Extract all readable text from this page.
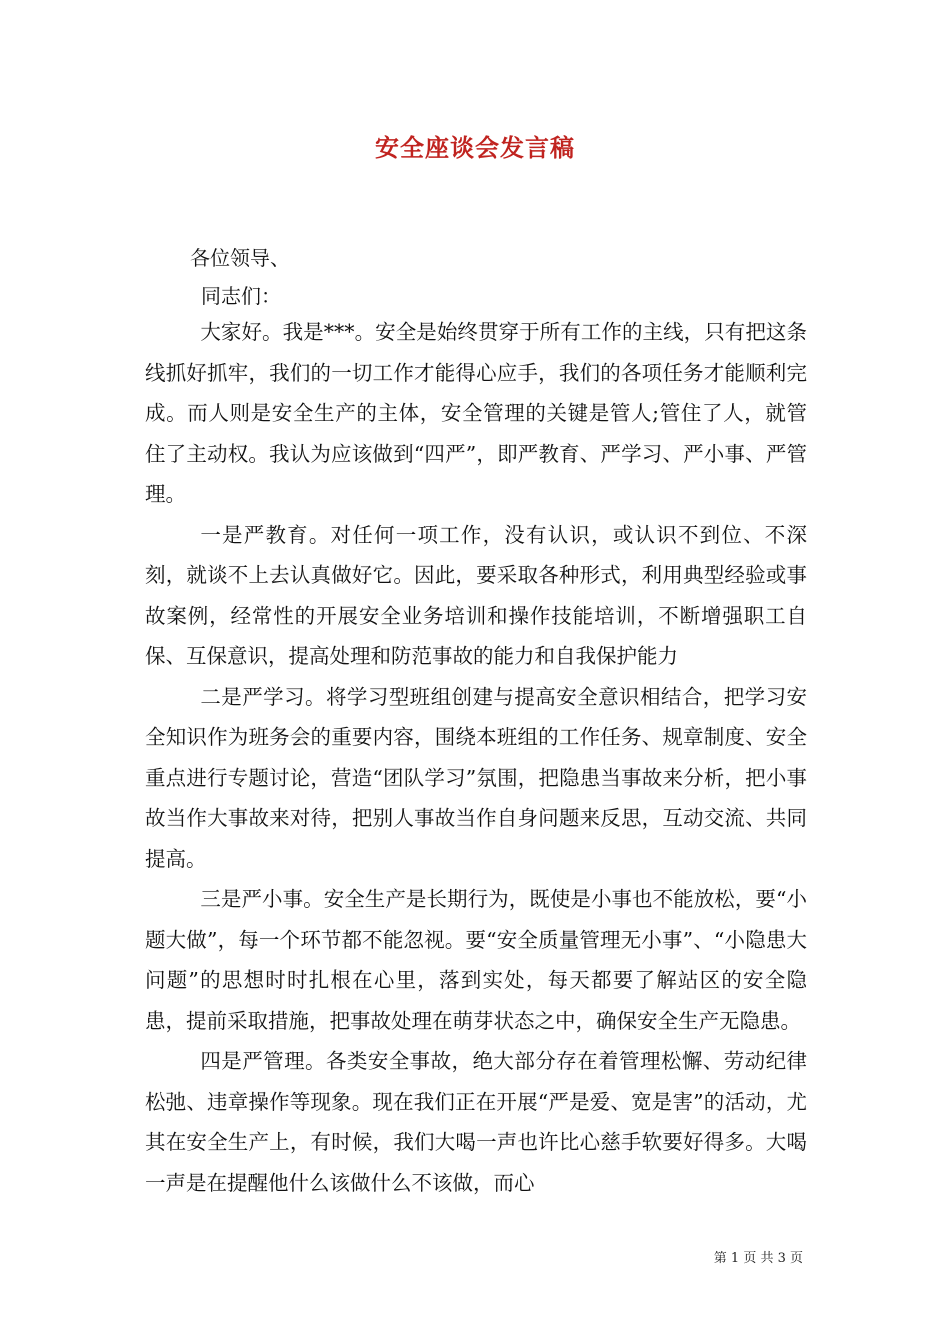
安全座谈会发言稿
各位领导、
同志们：

大家好。我是***。安全是始终贯穿于所有工作的主线，只有把这条线抓好抓牢，我们的一切工作才能得心应手，我们的各项任务才能顺利完成。而人则是安全生产的主体，安全管理的关键是管人;管住了人，就管住了主动权。我认为应该做到“四严”，即严教育、严学习、严小事、严管理。

一是严教育。对任何一项工作，没有认识，或认识不到位、不深刻，就谈不上去认真做好它。因此，要采取各种形式，利用典型经验或事故案例，经常性的开展安全业务培训和操作技能培训，不断增强职工自保、互保意识，提高处理和防范事故的能力和自我保护能力

二是严学习。将学习型班组创建与提高安全意识相结合，把学习安全知识作为班务会的重要内容，围绕本班组的工作任务、规章制度、安全重点进行专题讨论，营造“团队学习”氛围，把隐患当事故来分析，把小事故当作大事故来对待，把别人事故当作自身问题来反思，互动交流、共同提高。

三是严小事。安全生产是长期行为，既使是小事也不能放松，要“小题大做”，每一个环节都不能忽视。要“安全质量管理无小事”、“小隐患大问题”的思想时时扎根在心里，落到实处，每天都要了解站区的安全隐患，提前采取措施，把事故处理在萌芽状态之中，确保安全生产无隐患。

四是严管理。各类安全事故，绝大部分存在着管理松懈、劳动纪律松弛、违章操作等现象。现在我们正在开展“严是爱、宽是害”的活动，尤其在安全生产上，有时候，我们大喝一声也许比心慈手软要好得多。大喝一声是在提醒他什么该做什么不该做，而心

第 1 页 共 3 页
